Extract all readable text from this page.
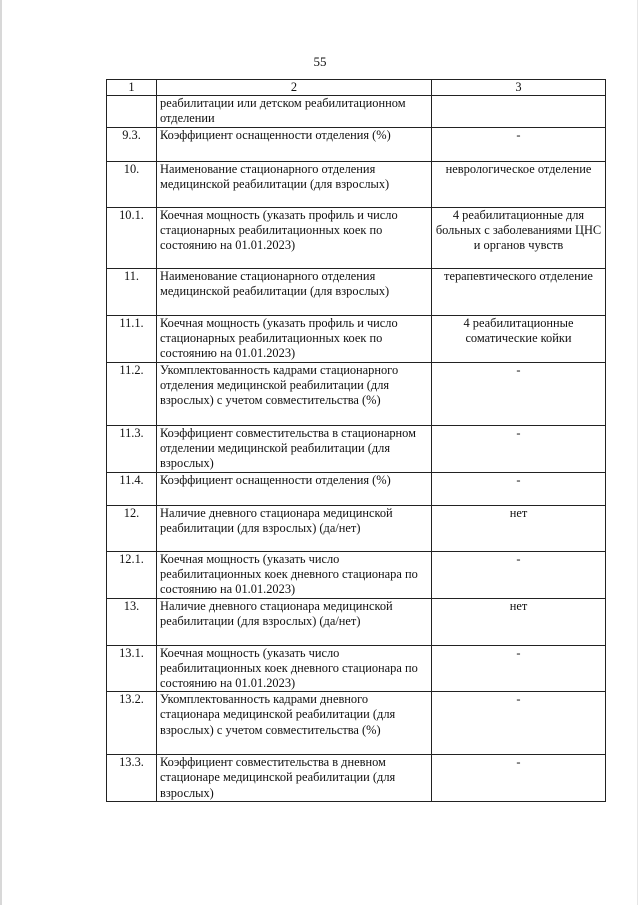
55
1	2	3
	реабилитации или детском реабилитационном отделении	
9.3.	Коэффициент оснащенности отделения (%)	-
10.	Наименование стационарного отделения медицинской реабилитации (для взрослых)	неврологическое отделение
10.1.	Коечная мощность (указать профиль и число стационарных реабилитационных коек по состоянию на 01.01.2023)	4 реабилитационные для больных с заболеваниями ЦНС и органов чувств
11.	Наименование стационарного отделения медицинской реабилитации (для взрослых)	терапевтического отделение
11.1.	Коечная мощность (указать профиль и число стационарных реабилитационных коек по состоянию на 01.01.2023)	4 реабилитационные соматические койки
11.2.	Укомплектованность кадрами стационарного отделения медицинской реабилитации (для взрослых) с учетом совместительства (%)	-
11.3.	Коэффициент совместительства в стационарном отделении медицинской реабилитации (для взрослых)	-
11.4.	Коэффициент оснащенности отделения (%)	-
12.	Наличие дневного стационара медицинской реабилитации (для взрослых) (да/нет)	нет
12.1.	Коечная мощность (указать число реабилитационных коек дневного стационара по состоянию на 01.01.2023)	-
13.	Наличие дневного стационара медицинской реабилитации (для взрослых) (да/нет)	нет
13.1.	Коечная мощность (указать число реабилитационных коек дневного стационара по состоянию на 01.01.2023)	-
13.2.	Укомплектованность кадрами дневного стационара медицинской реабилитации (для взрослых) с учетом совместительства (%)	-
13.3.	Коэффициент совместительства в дневном стационаре медицинской реабилитации (для взрослых)	-
